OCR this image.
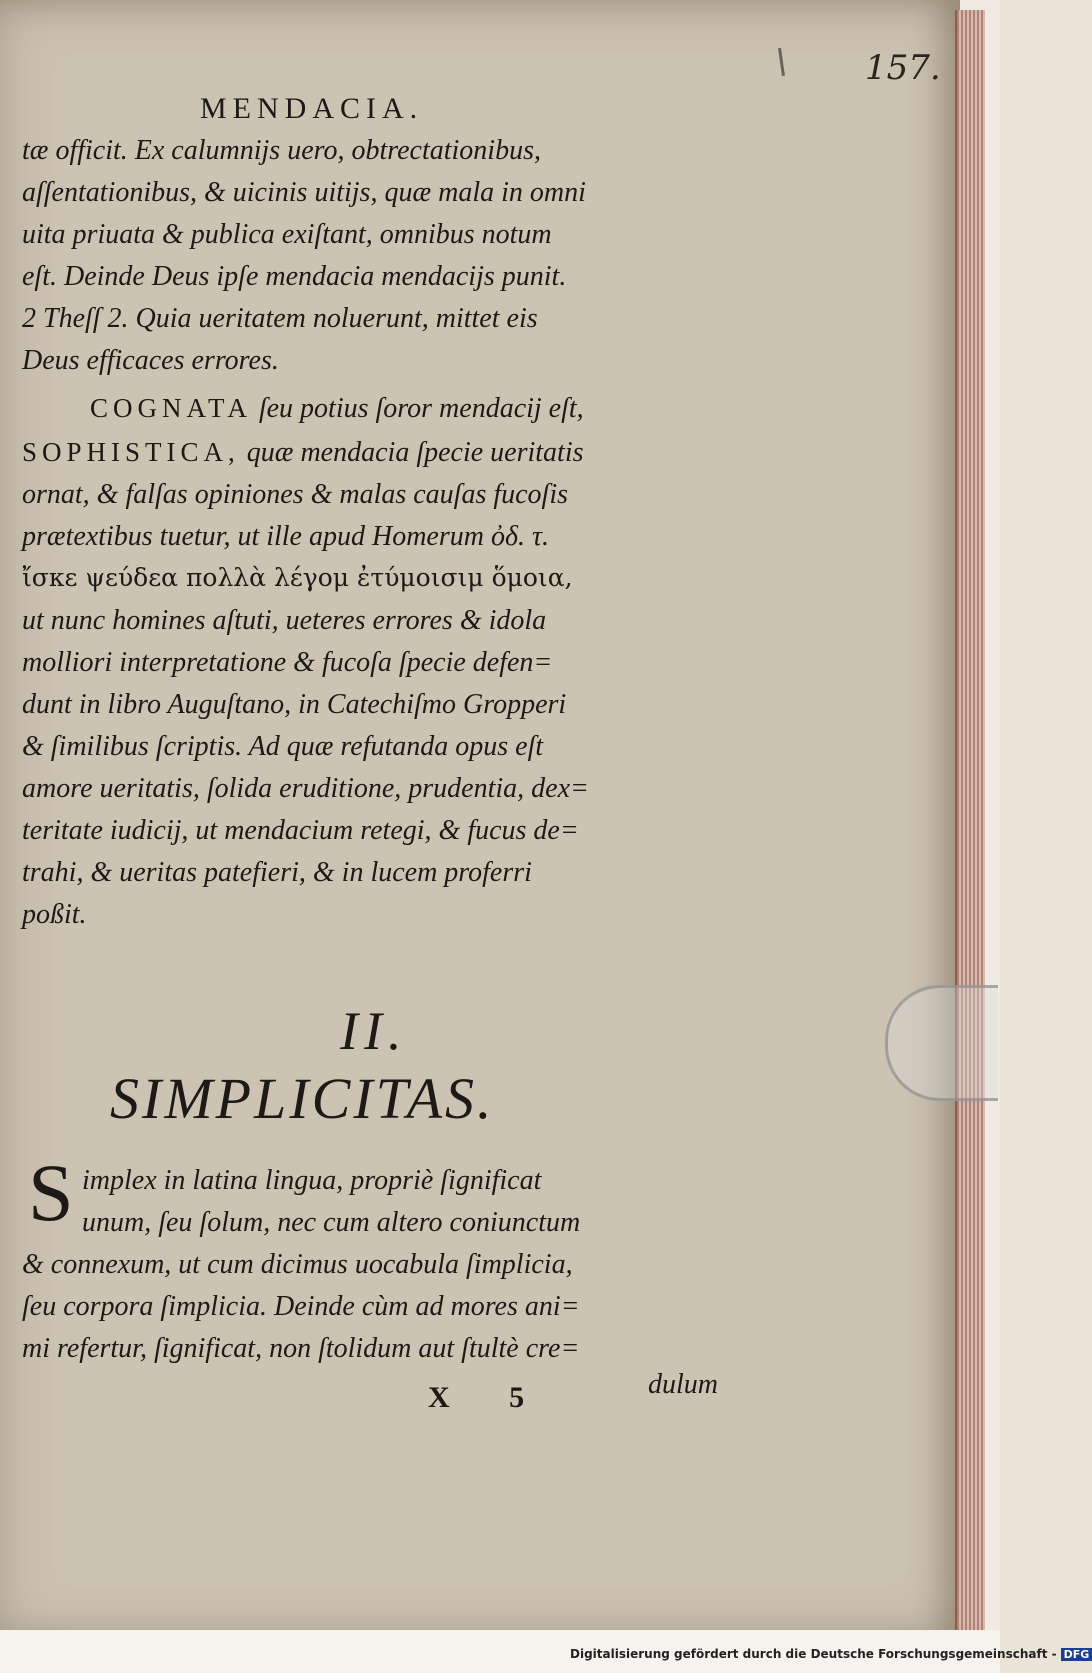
157.
MENDACIA.
tæ officit. Ex calumnijs uero, obtrectationibus,
aſſentationibus, & uicinis uitijs, quæ mala in omni
uita priuata & publica exiſtant, omnibus notum
eſt. Deinde Deus ipſe mendacia mendacijs punit.
2 Theſſ 2. Quia ueritatem noluerunt, mittet eis
Deus efficaces errores.
COGNATA ſeu potius ſoror mendacij eſt,
SOPHISTICA, quæ mendacia ſpecie ueritatis
ornat, & falſas opiniones & malas cauſas fucoſis
prætextibus tuetur, ut ille apud Homerum ὀδ. τ.
ἴσκε ψεύδεα πολλὰ λέγομ ἐτύμοισιμ ὅμοια,
ut nunc homines aſtuti, ueteres errores & idola
molliori interpretatione & fucoſa ſpecie defen=
dunt in libro Auguſtano, in Catechiſmo Gropperi
& ſimilibus ſcriptis. Ad quæ refutanda opus eſt
amore ueritatis, ſolida eruditione, prudentia, dex=
teritate iudicij, ut mendacium retegi, & fucus de=
trahi, & ueritas patefieri, & in lucem proferri
poßit.
II.
SIMPLICITAS.
S implex in latina lingua, propriè ſignificat
unum, ſeu ſolum, nec cum altero coniunctum
& connexum, ut cum dicimus uocabula ſimplicia,
ſeu corpora ſimplicia. Deinde cùm ad mores ani=
mi refertur, ſignificat, non ſtolidum aut ſtultè cre=
X 5	dulum
Digitalisierung gefördert durch die Deutsche Forschungsgemeinschaft - DFG
